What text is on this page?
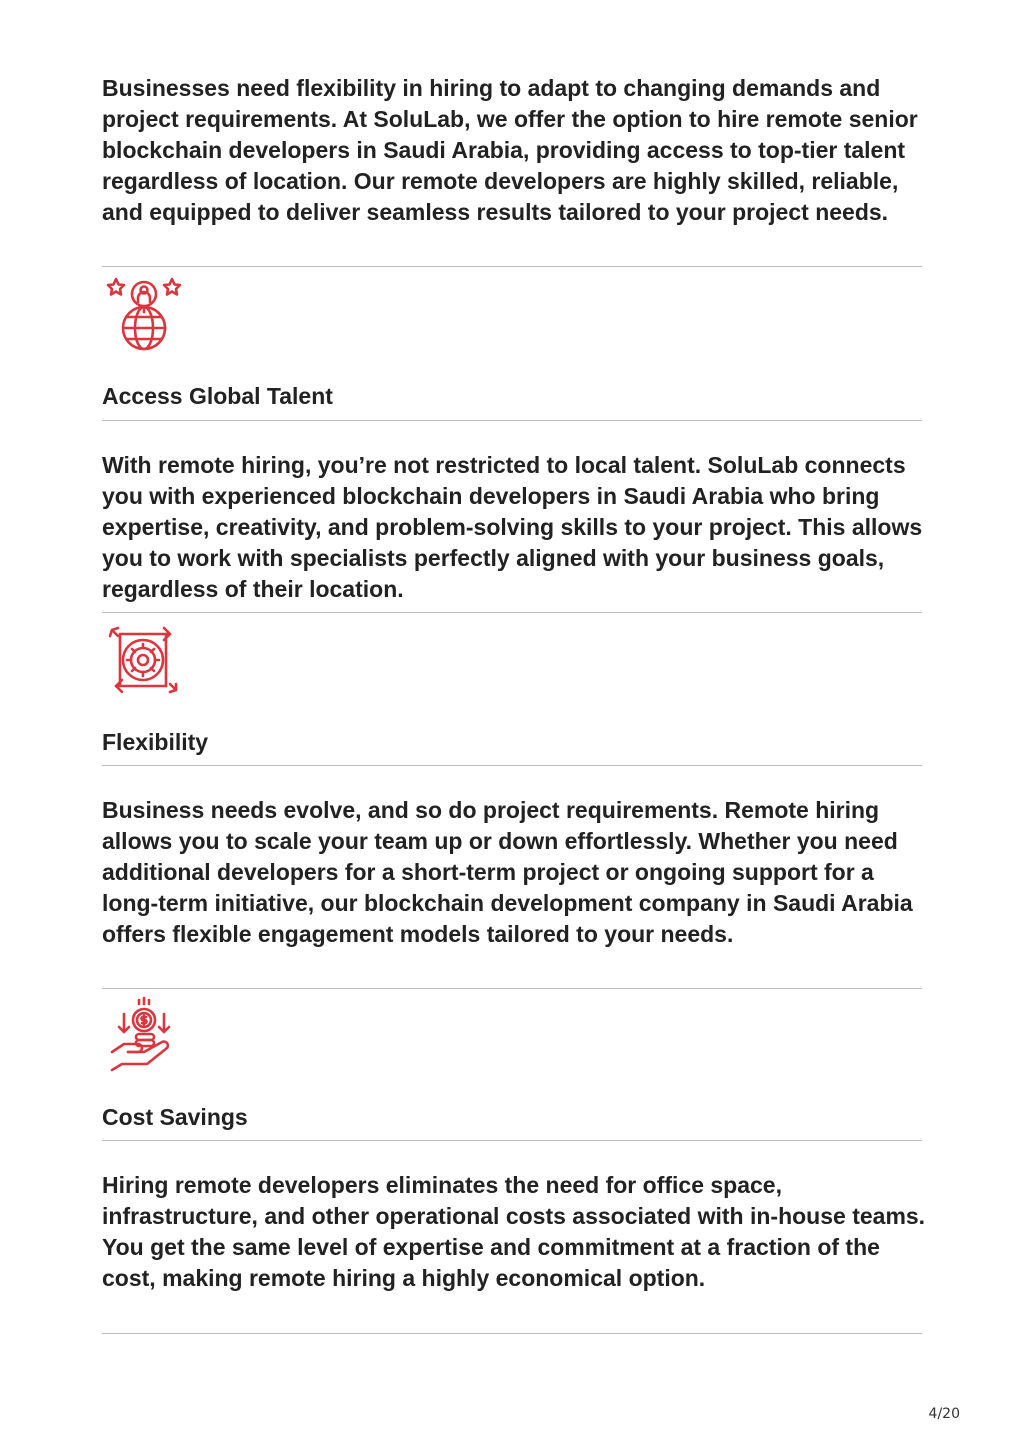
Businesses need flexibility in hiring to adapt to changing demands and project requirements. At SoluLab, we offer the option to hire remote senior blockchain developers in Saudi Arabia, providing access to top-tier talent regardless of location. Our remote developers are highly skilled, reliable, and equipped to deliver seamless results tailored to your project needs.

Access Global Talent

With remote hiring, you’re not restricted to local talent. SoluLab connects you with experienced blockchain developers in Saudi Arabia who bring expertise, creativity, and problem-solving skills to your project. This allows you to work with specialists perfectly aligned with your business goals, regardless of their location.

Flexibility

Business needs evolve, and so do project requirements. Remote hiring allows you to scale your team up or down effortlessly. Whether you need additional developers for a short-term project or ongoing support for a long-term initiative, our blockchain development company in Saudi Arabia offers flexible engagement models tailored to your needs.

Cost Savings

Hiring remote developers eliminates the need for office space, infrastructure, and other operational costs associated with in-house teams. You get the same level of expertise and commitment at a fraction of the cost, making remote hiring a highly economical option.

4/20
